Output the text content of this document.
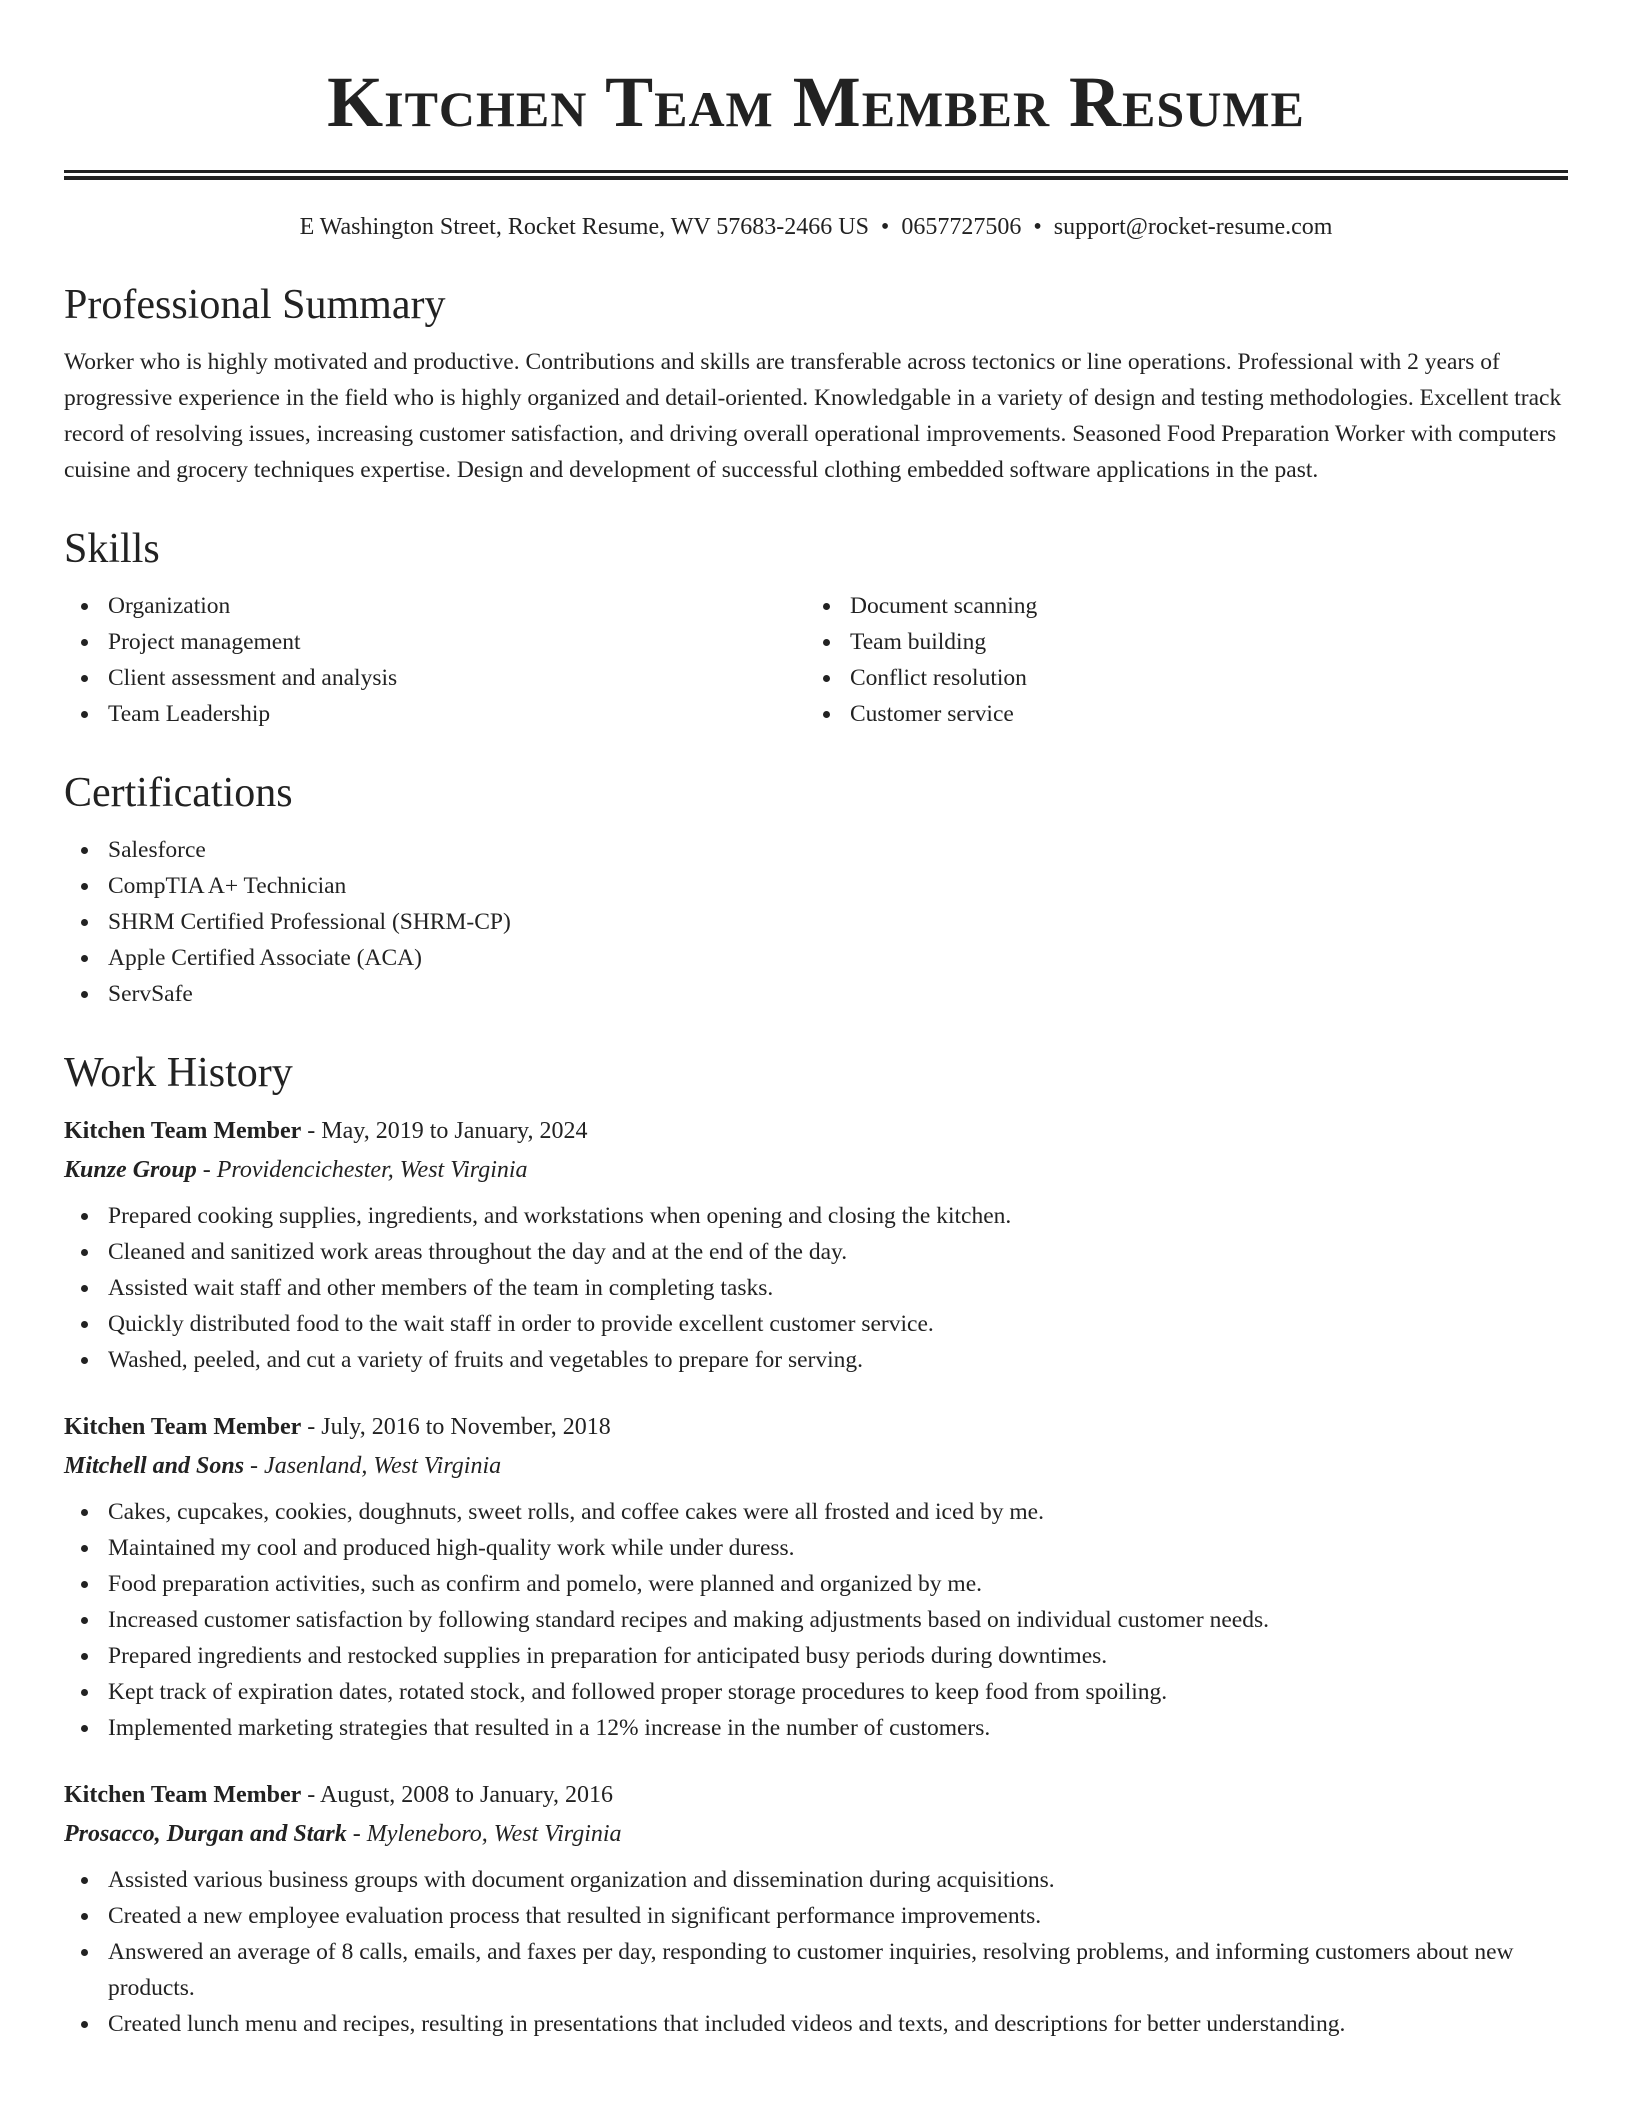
Kitchen Team Member Resume
E Washington Street, Rocket Resume, WV 57683-2466 US • 0657727506 • support@rocket-resume.com
Professional Summary

Worker who is highly motivated and productive. Contributions and skills are transferable across tectonics or line operations. Professional with 2 years of progressive experience in the field who is highly organized and detail-oriented. Knowledgable in a variety of design and testing methodologies. Excellent track record of resolving issues, increasing customer satisfaction, and driving overall operational improvements. Seasoned Food Preparation Worker with computers cuisine and grocery techniques expertise. Design and development of successful clothing embedded software applications in the past.

Skills
Organization
Project management
Client assessment and analysis
Team Leadership
Document scanning
Team building
Conflict resolution
Customer service
Certifications
Salesforce
CompTIA A+ Technician
SHRM Certified Professional (SHRM-CP)
Apple Certified Associate (ACA)
ServSafe
Work History
Kitchen Team Member - May, 2019 to January, 2024
Kunze Group - Providencichester, West Virginia
Prepared cooking supplies, ingredients, and workstations when opening and closing the kitchen.
Cleaned and sanitized work areas throughout the day and at the end of the day.
Assisted wait staff and other members of the team in completing tasks.
Quickly distributed food to the wait staff in order to provide excellent customer service.
Washed, peeled, and cut a variety of fruits and vegetables to prepare for serving.
Kitchen Team Member - July, 2016 to November, 2018
Mitchell and Sons - Jasenland, West Virginia
Cakes, cupcakes, cookies, doughnuts, sweet rolls, and coffee cakes were all frosted and iced by me.
Maintained my cool and produced high-quality work while under duress.
Food preparation activities, such as confirm and pomelo, were planned and organized by me.
Increased customer satisfaction by following standard recipes and making adjustments based on individual customer needs.
Prepared ingredients and restocked supplies in preparation for anticipated busy periods during downtimes.
Kept track of expiration dates, rotated stock, and followed proper storage procedures to keep food from spoiling.
Implemented marketing strategies that resulted in a 12% increase in the number of customers.
Kitchen Team Member - August, 2008 to January, 2016
Prosacco, Durgan and Stark - Myleneboro, West Virginia
Assisted various business groups with document organization and dissemination during acquisitions.
Created a new employee evaluation process that resulted in significant performance improvements.
Answered an average of 8 calls, emails, and faxes per day, responding to customer inquiries, resolving problems, and informing customers about new products.
Created lunch menu and recipes, resulting in presentations that included videos and texts, and descriptions for better understanding.
